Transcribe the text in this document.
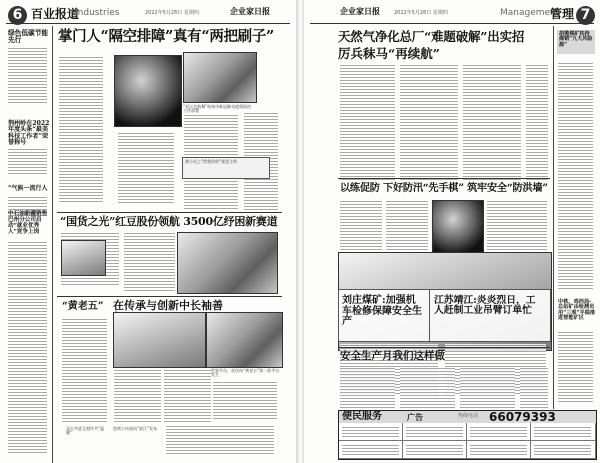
6 百业报道
Industries	2022年5月26日 星期四	企业家日报
绿色低碳节能先行
荆州岭在2022年度头条“最美科技工作者”荣誉称号
“气候一流行人
中石油新疆销售巴州分公司启动“就业优秀人”竞争上岗
掌门人“隔空排障”真有“两把刷子”
“亚运会鼓舞”杭州市新冠肺炎疫情防控工作部署
黄小庆之“给我你的”视觉主持
“国货之光”红豆股份领航 3500亿纾困新赛道
“黄老五” 在传承与创新中长袖善
世界平台，首次向“黄老五”第一款平台发生
悠黄小庆面向“浙江”发布
双方共进互相作共“温暖”
企业家日报	2022年5月26日 星期四	Management
管理 7
天然气净化总厂“难题破解”出实招
厉兵秣马“再续航”
以练促防 下好防汛“先手棋” 筑牢安全“防洪墙”
刘庄煤矿:加强机车检修保障安全生产
江苏靖江:炎炎烈日，工人赶制工业吊臂订单忙
安全生产月我们这样做
胡揽煤矿扶持煤销“九大风险源”
中铁、鸡西局-总站矿由检测员用“三观”平稳推进智能矿区
便民服务	广告	热线电话 66079393
